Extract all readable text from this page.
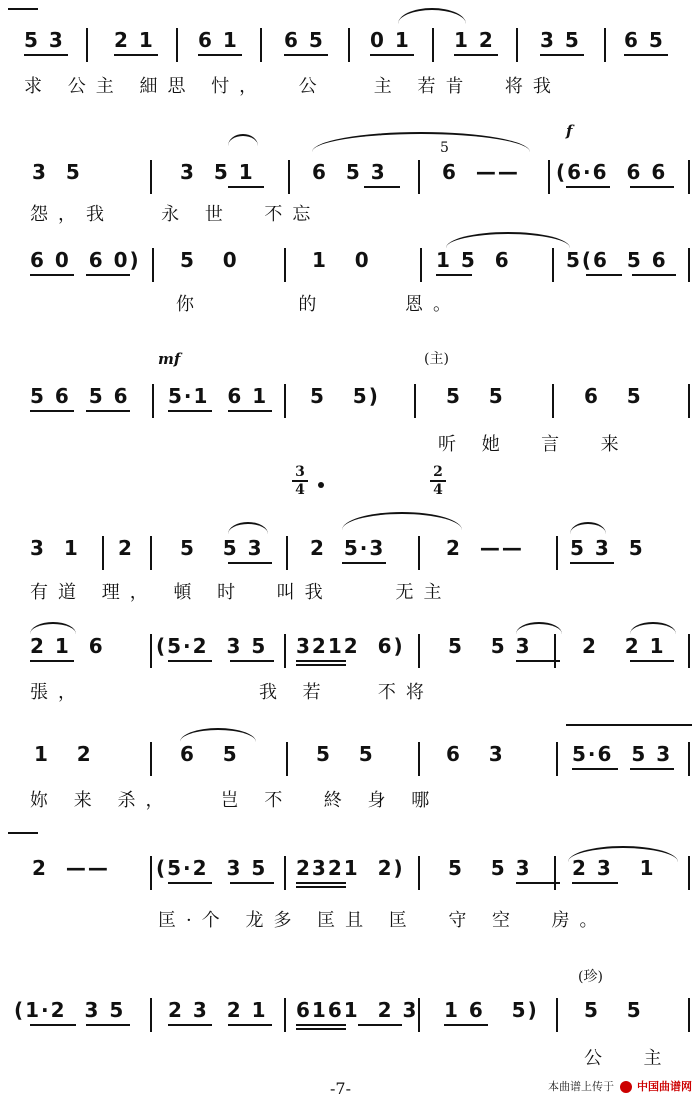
5 3 2 1 6 1 6 5 0 1 1 2 3 5 6 5
求 公主 細思 忖，  公   主 若肯  将我
f
5
3  5	3  5 1	6  5 3	6  —— (6·6  6 6
怨，我   永 世  不忘
6 0  6 0) 5   0	1   0	1 5  6	5(6  5 6
你      的     恩。
mf	(主)
5 6  5 6 5·1  6 1 5   5)	5   5	6   5
听 她  言  来
3
4
2
4
3  1 2 5   5 3 2  5·3	2  —— 5 3  5
有道 理， 頓 时  叫我    无主
2 1  6	(5·2  3 5 3212  6) 5   5 3	2   2 1
張，           我 若   不将
1   2	6   5	5   5	6   3	5·6  5 3
妳 来 杀，   岂 不  終 身 哪
2  —— (5·2  3 5 2321  2) 5   5 3 2 3   1
匡·个 龙多 匡且 匡  守 空  房。
(珍)
(1·2  3 5 2 3  2 1 6161  2 3 1 6   5) 5   5
公  主
-7-	本曲谱上传于 中国曲谱网
